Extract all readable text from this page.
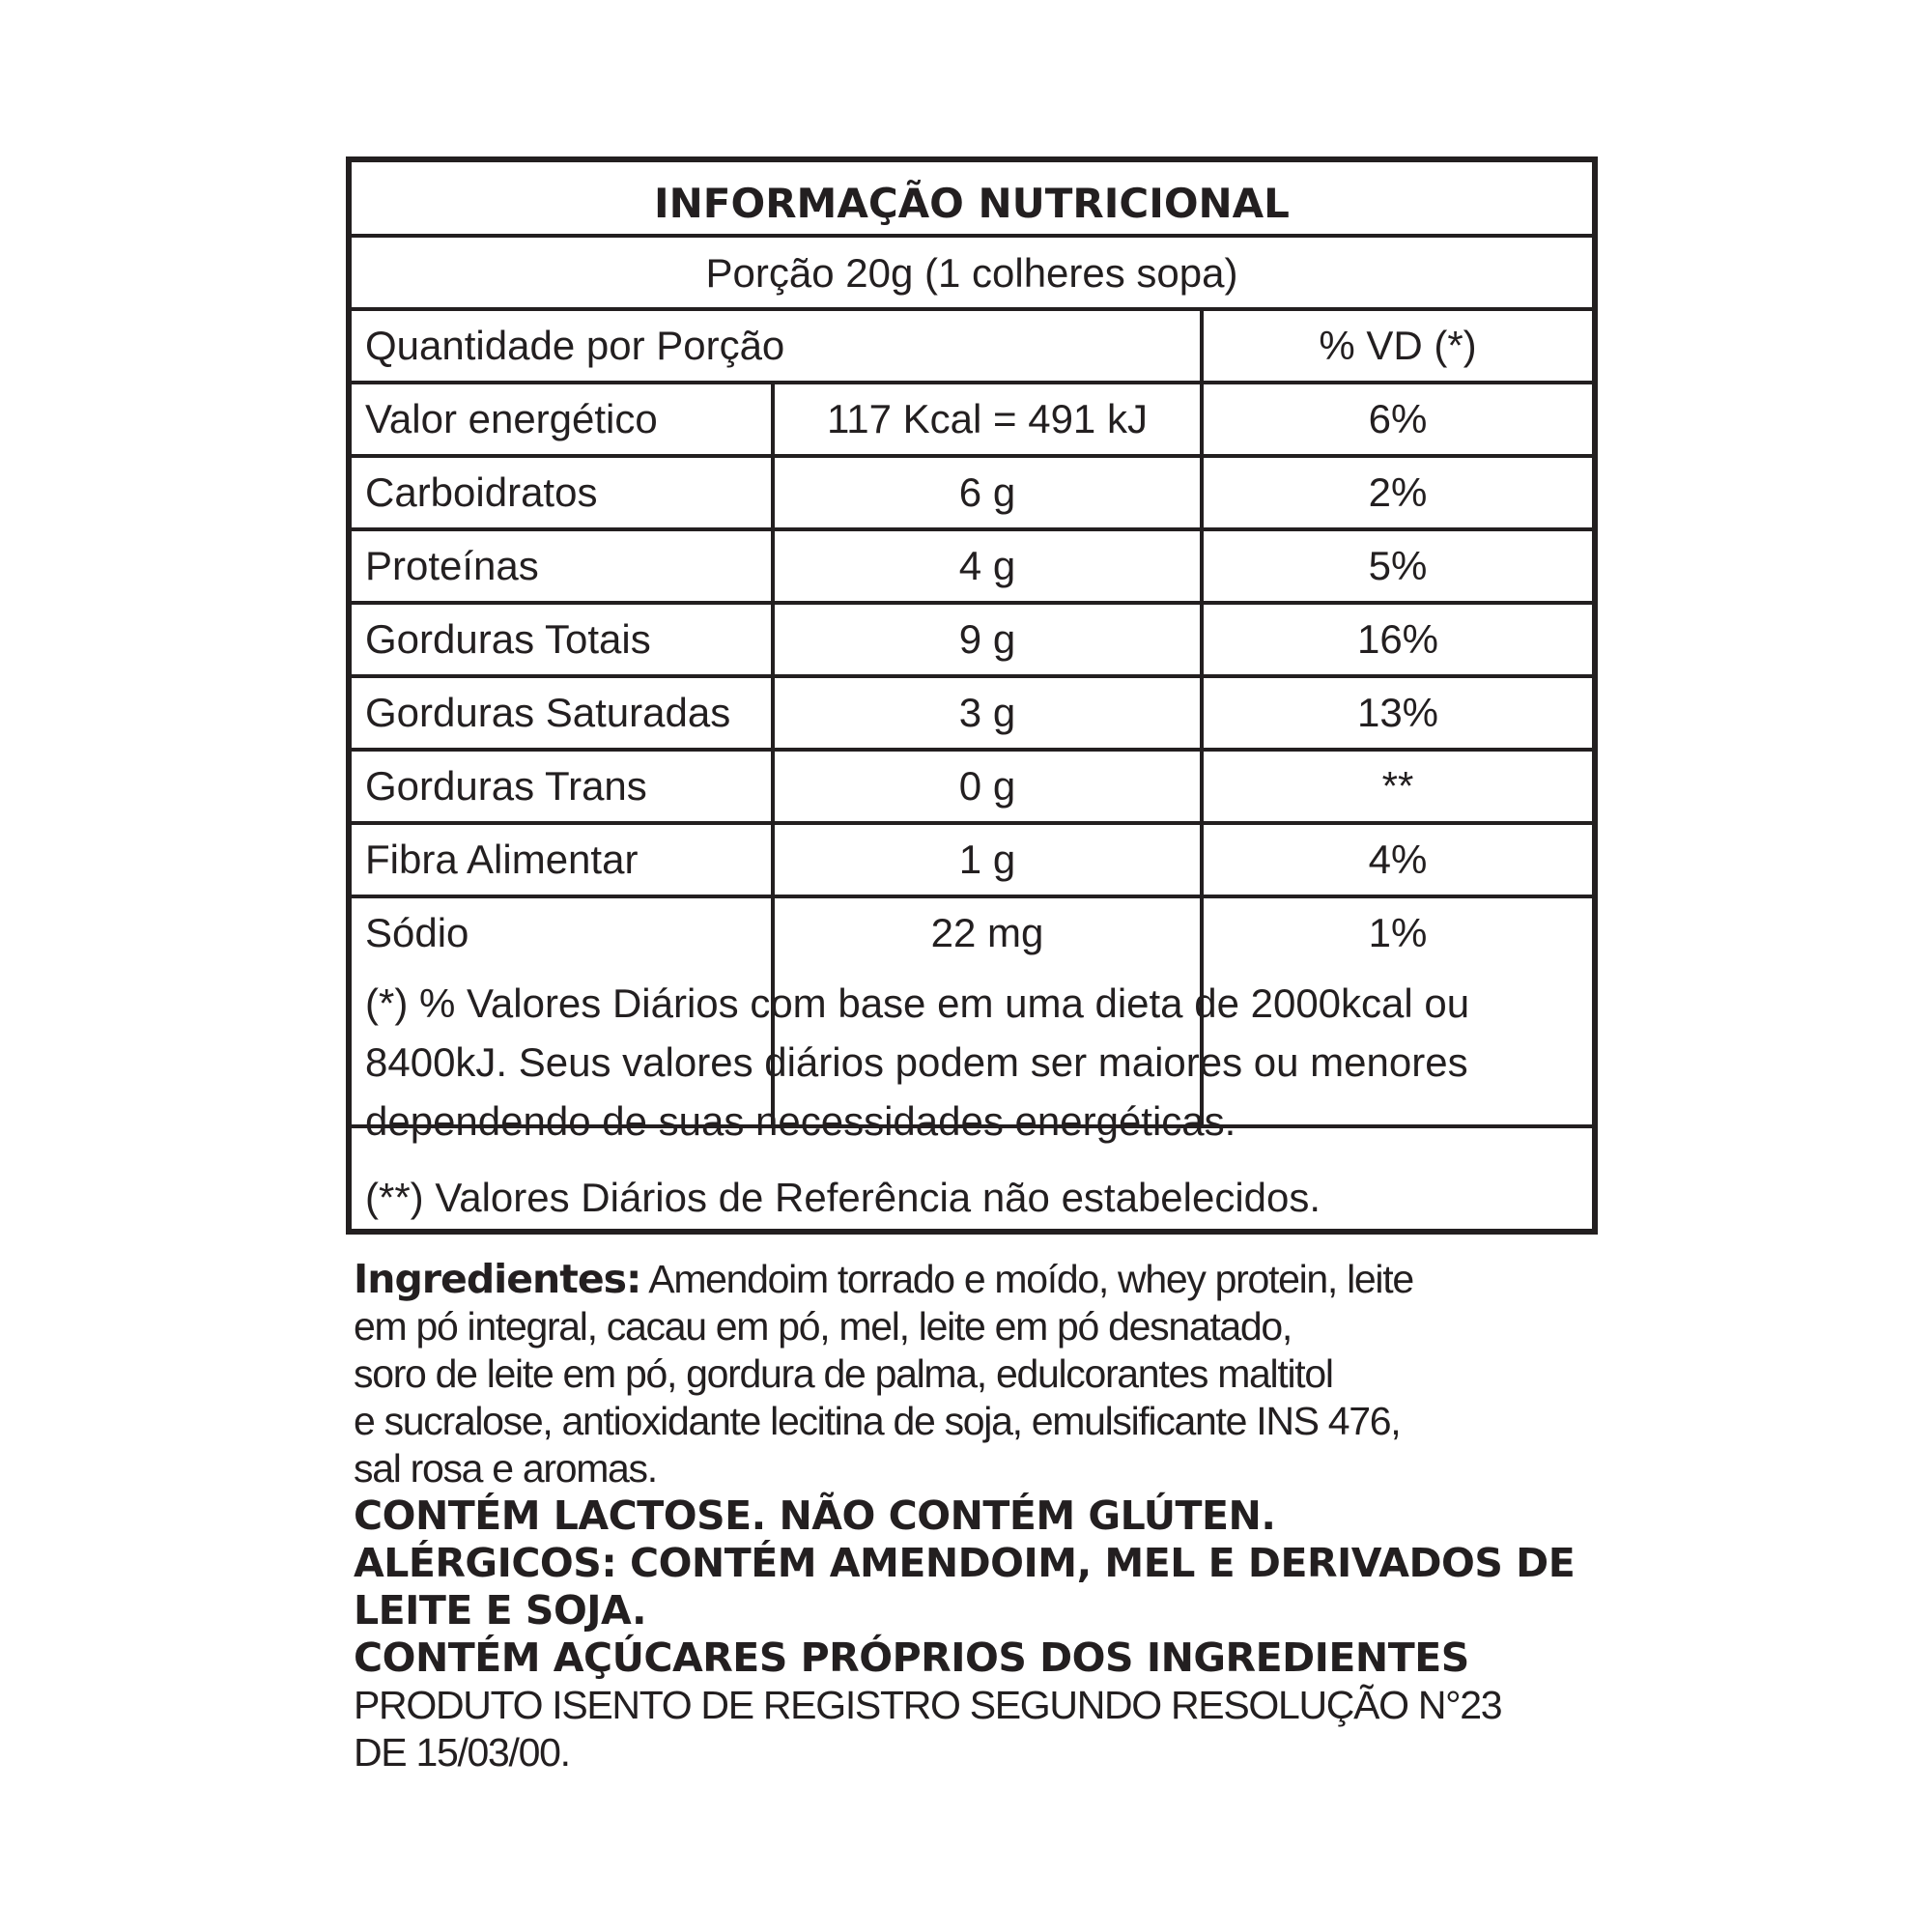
INFORMAÇÃO NUTRICIONAL
Porção 20g (1 colheres sopa)
Quantidade por Porção	% VD (*)
Valor energético	117 Kcal = 491 kJ	6%
Carboidratos	6 g	2%
Proteínas	4 g	5%
Gorduras Totais	9 g	16%
Gorduras Saturadas	3 g	13%
Gorduras Trans	0 g	**
Fibra Alimentar	1 g	4%
Sódio	22 mg	1%
(*) % Valores Diários com base em uma dieta de 2000kcal ou
8400kJ. Seus valores diários podem ser maiores ou menores
dependendo de suas necessidades energéticas.
(**) Valores Diários de Referência não estabelecidos.
Ingredientes: Amendoim torrado e moído, whey protein, leite
em pó integral, cacau em pó, mel, leite em pó desnatado,
soro de leite em pó, gordura de palma, edulcorantes maltitol
e sucralose, antioxidante lecitina de soja, emulsificante INS 476,
sal rosa e aromas.
CONTÉM LACTOSE. NÃO CONTÉM GLÚTEN.
ALÉRGICOS: CONTÉM AMENDOIM, MEL E DERIVADOS DE
LEITE E SOJA.
CONTÉM AÇÚCARES PRÓPRIOS DOS INGREDIENTES
PRODUTO ISENTO DE REGISTRO SEGUNDO RESOLUÇÃO N°23
DE 15/03/00.
